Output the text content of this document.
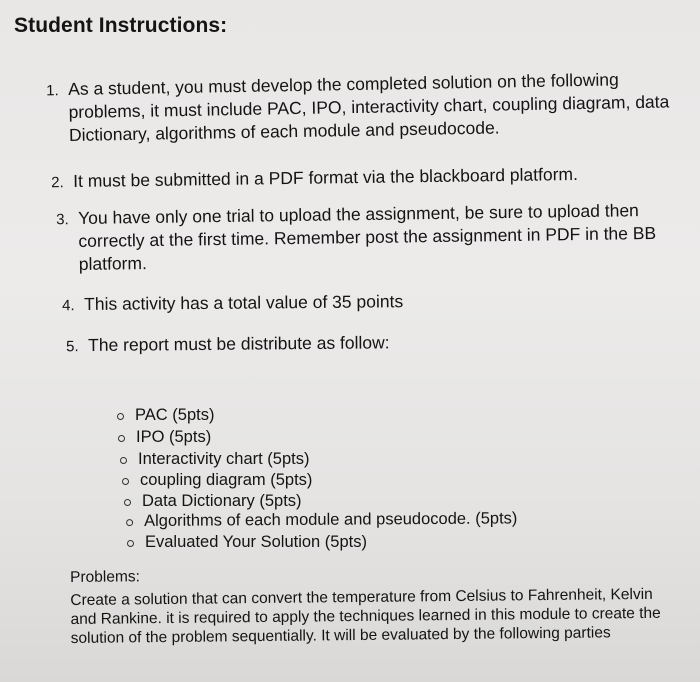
Student Instructions:
1. As a student, you must develop the completed solution on the following

problems, it must include PAC, IPO, interactivity chart, coupling diagram, data

Dictionary, algorithms of each module and pseudocode.

2. It must be submitted in a PDF format via the blackboard platform.

3. You have only one trial to upload the assignment, be sure to upload then

correctly at the first time. Remember post the assignment in PDF in the BB

platform.

4. This activity has a total value of 35 points

5. The report must be distribute as follow:

PAC (5pts)
IPO (5pts)
Interactivity chart (5pts)
coupling diagram (5pts)
Data Dictionary (5pts)
Algorithms of each module and pseudocode. (5pts)
Evaluated Your Solution (5pts)

Problems:

Create a solution that can convert the temperature from Celsius to Fahrenheit, Kelvin

and Rankine. it is required to apply the techniques learned in this module to create the

solution of the problem sequentially. It will be evaluated by the following parties
